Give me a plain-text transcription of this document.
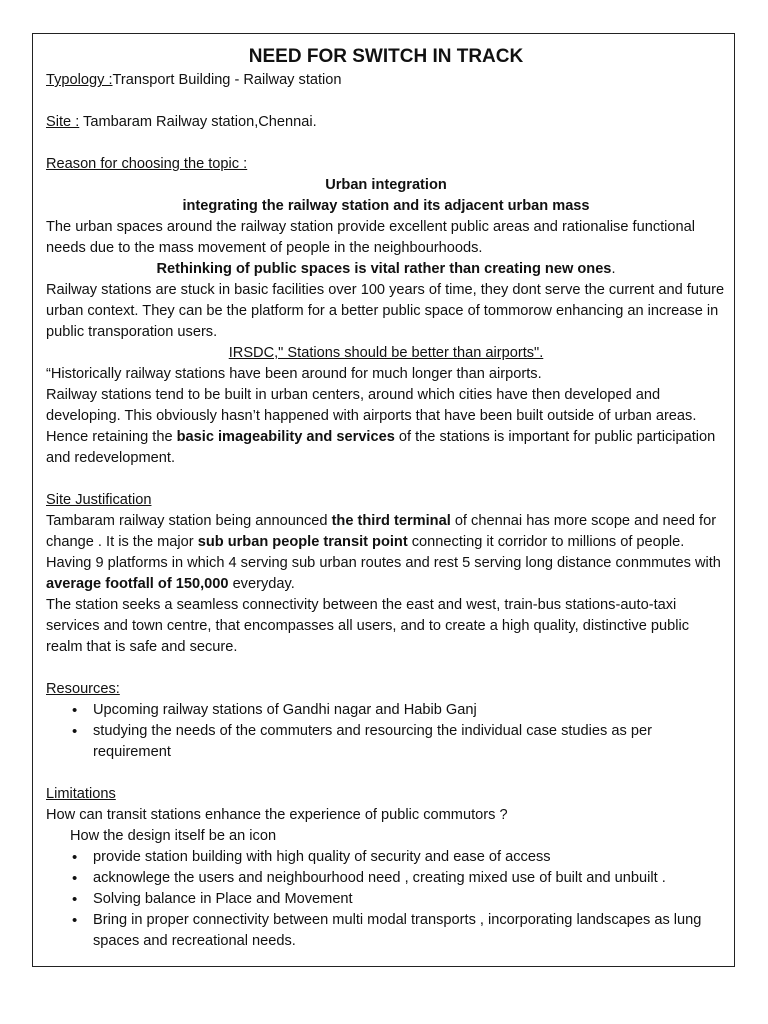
NEED FOR SWITCH IN TRACK

Typology :Transport Building - Railway station

Site : Tambaram Railway station,Chennai.

Reason for choosing the topic :

Urban integration

integrating the railway station and its adjacent urban mass

The urban spaces around the railway station provide excellent public areas and rationalise functional needs due to the mass movement of people in the neighbourhoods.

Rethinking of public spaces is vital rather than creating new ones.

Railway stations are stuck in basic facilities over 100 years of time, they dont serve the current and future urban context. They can be the platform for a better public space of tommorow enhancing an increase in public transporation users.

IRSDC," Stations should be better than airports".

“Historically railway stations have been around for much longer than airports.

Railway stations tend to be built in urban centers, around which cities have then developed and developing. This obviously hasn’t happened with airports that have been built outside of urban areas. Hence retaining the basic imageability and services of the stations is important for public participation and redevelopment.

Site Justification

Tambaram railway station being announced the third terminal of chennai has more scope and need for change . It is the major sub urban people transit point connecting it corridor to millions of people. Having 9 platforms in which 4 serving sub urban routes and rest 5 serving long distance conmmutes with average footfall of 150,000 everyday.

The station seeks a seamless connectivity between the east and west, train-bus stations-auto-taxi services and town centre, that encompasses all users, and to create a high quality, distinctive public realm that is safe and secure.

Resources:

• Upcoming railway stations of Gandhi nagar and Habib Ganj
• studying the needs of the commuters and resourcing the individual case studies as per requirement

Limitations

How can transit stations enhance the experience of public commutors ?

How the design itself be an icon

• provide station building with high quality of security and ease of access
• acknowlege the users and neighbourhood need , creating mixed use of built and unbuilt .
• Solving balance in Place and Movement
• Bring in proper connectivity between multi modal transports , incorporating landscapes as lung spaces and recreational needs.
